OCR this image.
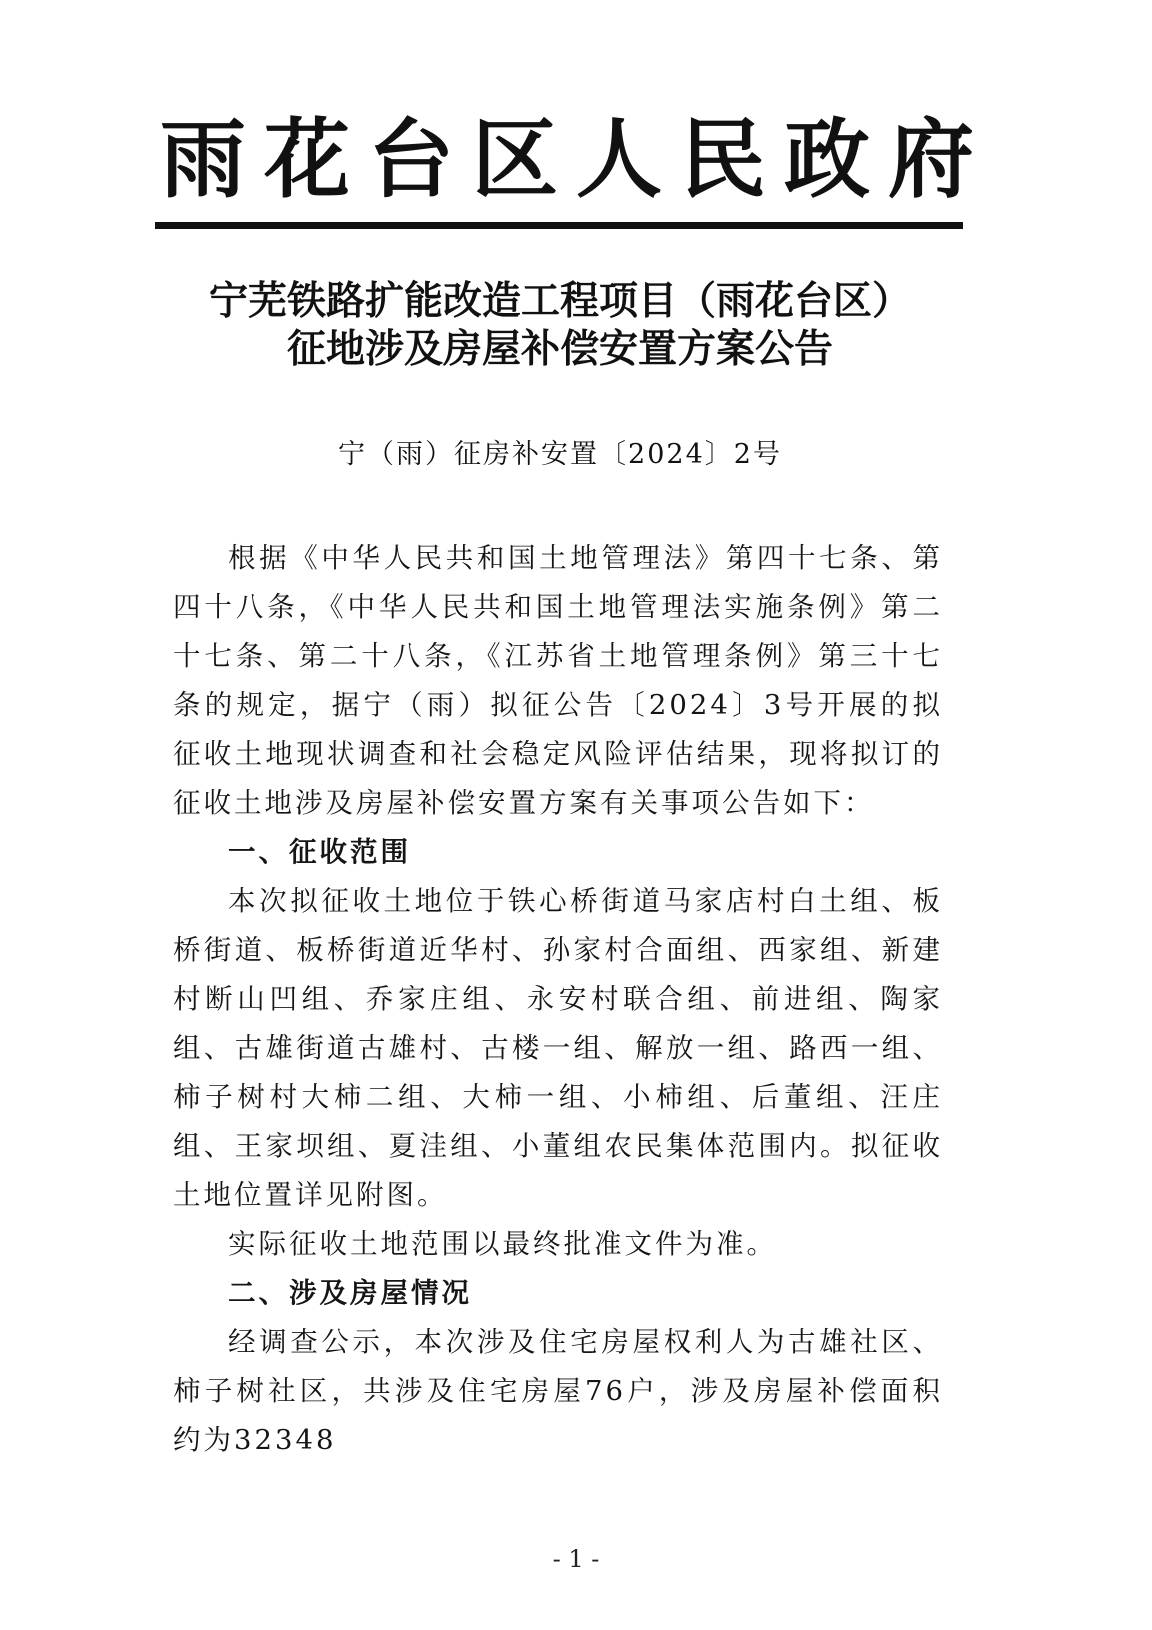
雨花台区人民政府
宁芜铁路扩能改造工程项目（雨花台区）
征地涉及房屋补偿安置方案公告
宁（雨）征房补安置〔2024〕2号

根据《中华人民共和国土地管理法》第四十七条、第四十八条，《中华人民共和国土地管理法实施条例》第二十七条、第二十八条，《江苏省土地管理条例》第三十七条的规定，据宁（雨）拟征公告〔2024〕3号开展的拟征收土地现状调查和社会稳定风险评估结果，现将拟订的征收土地涉及房屋补偿安置方案有关事项公告如下：

一、征收范围

本次拟征收土地位于铁心桥街道马家店村白土组、板桥街道、板桥街道近华村、孙家村合面组、西家组、新建村断山凹组、乔家庄组、永安村联合组、前进组、陶家组、古雄街道古雄村、古楼一组、解放一组、路西一组、柿子树村大柿二组、大柿一组、小柿组、后董组、汪庄组、王家坝组、夏洼组、小董组农民集体范围内。拟征收土地位置详见附图。

实际征收土地范围以最终批准文件为准。

二、涉及房屋情况

经调查公示，本次涉及住宅房屋权利人为古雄社区、柿子树社区，共涉及住宅房屋76户，涉及房屋补偿面积约为32348

- 1 -
